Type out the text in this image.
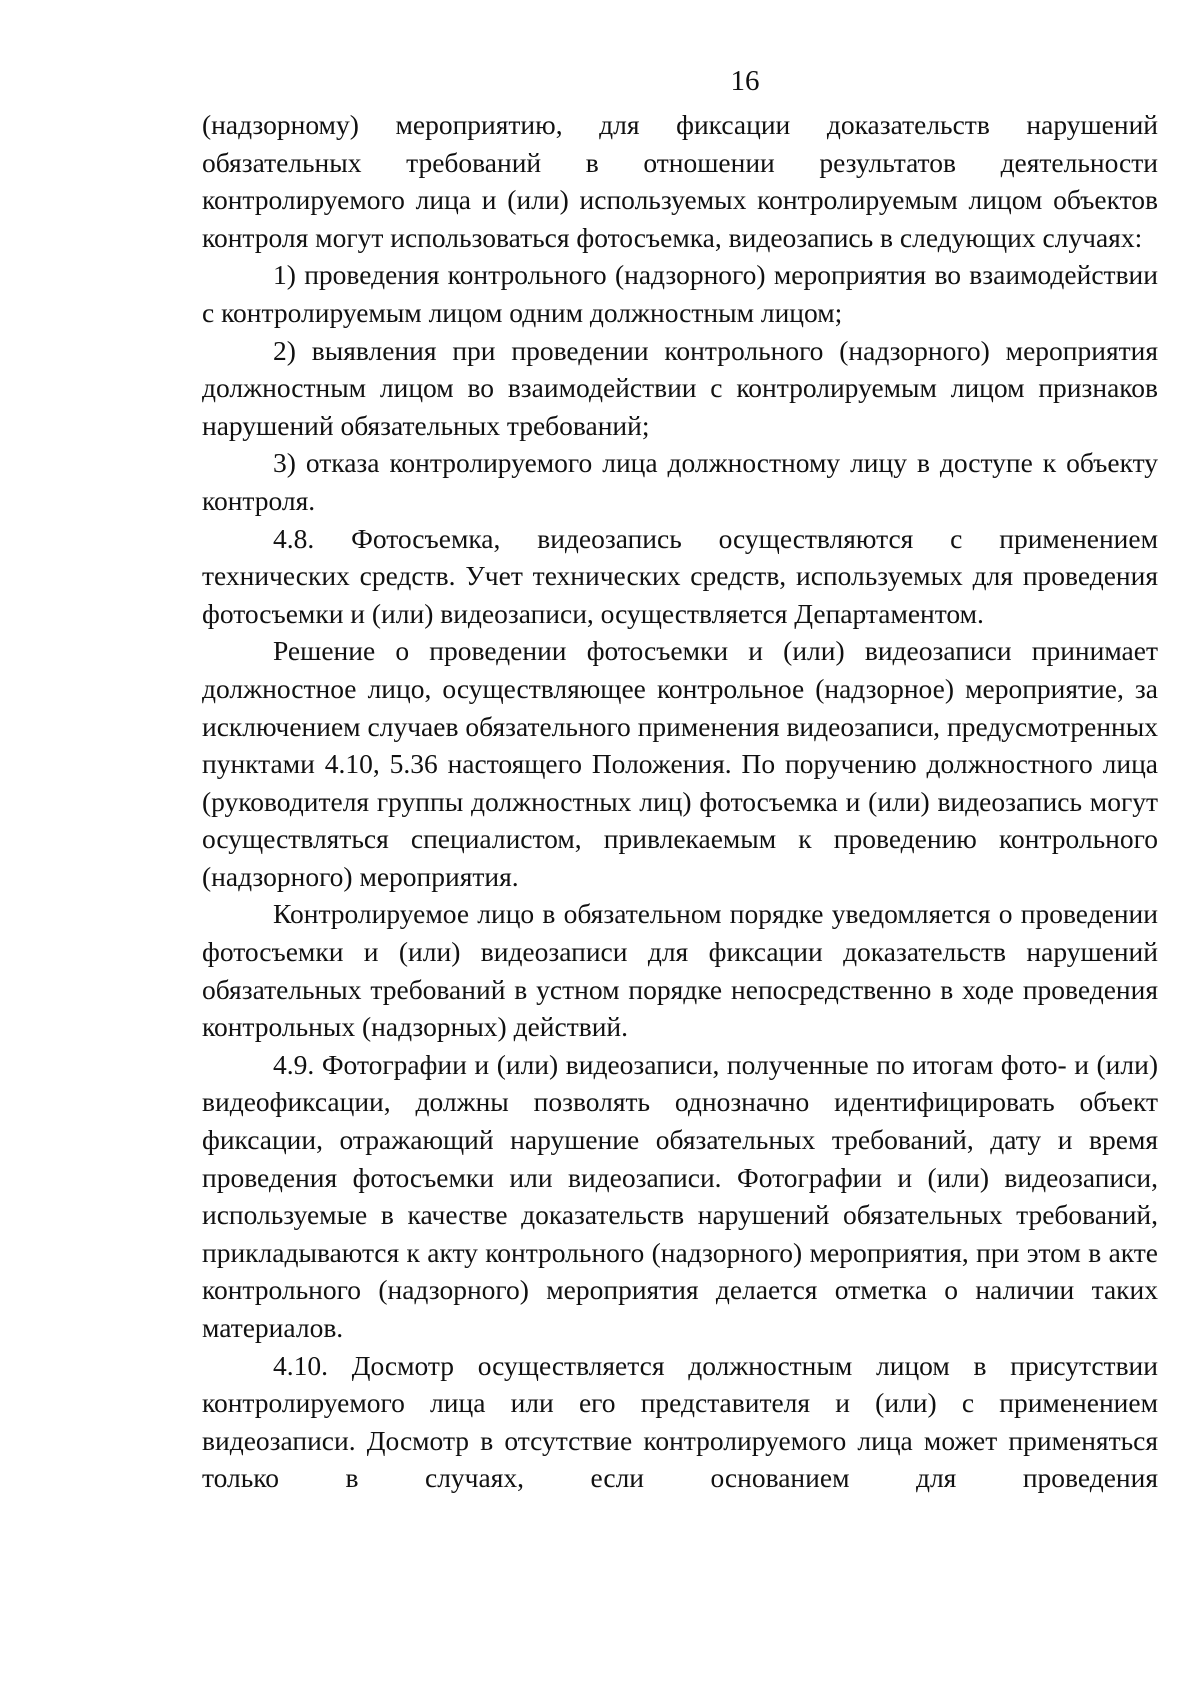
16

(надзорному) мероприятию, для фиксации доказательств нарушений обязательных требований в отношении результатов деятельности контролируемого лица и (или) используемых контролируемым лицом объектов контроля могут использоваться фотосъемка, видеозапись в следующих случаях:

1) проведения контрольного (надзорного) мероприятия во взаимодействии с контролируемым лицом одним должностным лицом;

2) выявления при проведении контрольного (надзорного) мероприятия должностным лицом во взаимодействии с контролируемым лицом признаков нарушений обязательных требований;

3) отказа контролируемого лица должностному лицу в доступе к объекту контроля.

4.8. Фотосъемка, видеозапись осуществляются с применением технических средств. Учет технических средств, используемых для проведения фотосъемки и (или) видеозаписи, осуществляется Департаментом.

Решение о проведении фотосъемки и (или) видеозаписи принимает должностное лицо, осуществляющее контрольное (надзорное) мероприятие, за исключением случаев обязательного применения видеозаписи, предусмотренных пунктами 4.10, 5.36 настоящего Положения. По поручению должностного лица (руководителя группы должностных лиц) фотосъемка и (или) видеозапись могут осуществляться специалистом, привлекаемым к проведению контрольного (надзорного) мероприятия.

Контролируемое лицо в обязательном порядке уведомляется о проведении фотосъемки и (или) видеозаписи для фиксации доказательств нарушений обязательных требований в устном порядке непосредственно в ходе проведения контрольных (надзорных) действий.

4.9. Фотографии и (или) видеозаписи, полученные по итогам фото- и (или) видеофиксации, должны позволять однозначно идентифицировать объект фиксации, отражающий нарушение обязательных требований, дату и время проведения фотосъемки или видеозаписи. Фотографии и (или) видеозаписи, используемые в качестве доказательств нарушений обязательных требований, прикладываются к акту контрольного (надзорного) мероприятия, при этом в акте контрольного (надзорного) мероприятия делается отметка о наличии таких материалов.

4.10. Досмотр осуществляется должностным лицом в присутствии контролируемого лица или его представителя и (или) с применением видеозаписи. Досмотр в отсутствие контролируемого лица может применяться только в случаях, если основанием для проведения
